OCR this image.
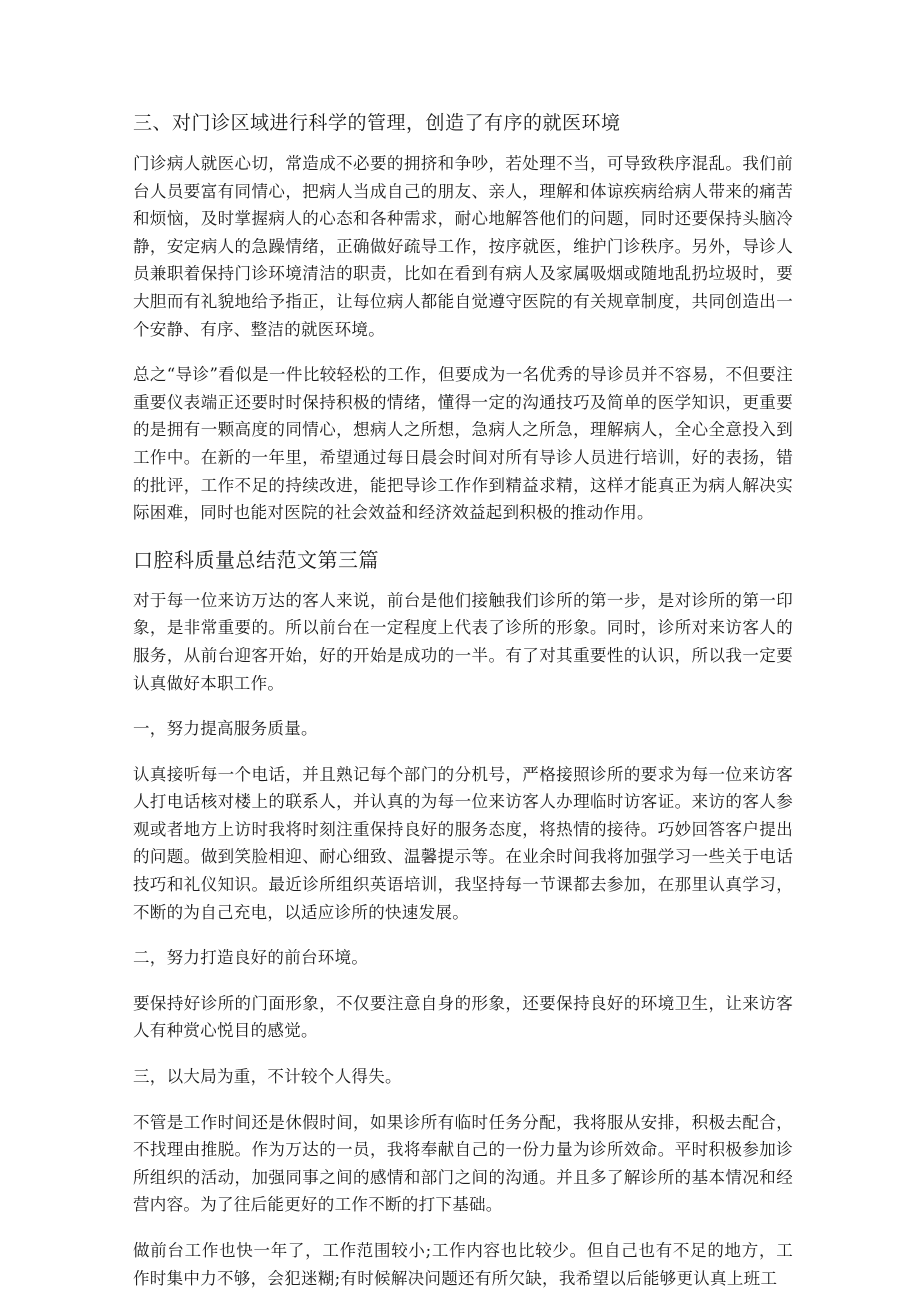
三、对门诊区域进行科学的管理，创造了有序的就医环境

门诊病人就医心切，常造成不必要的拥挤和争吵，若处理不当，可导致秩序混乱。我们前台人员要富有同情心，把病人当成自己的朋友、亲人，理解和体谅疾病给病人带来的痛苦和烦恼，及时掌握病人的心态和各种需求，耐心地解答他们的问题，同时还要保持头脑冷静，安定病人的急躁情绪，正确做好疏导工作，按序就医，维护门诊秩序。另外，导诊人员兼职着保持门诊环境清洁的职责，比如在看到有病人及家属吸烟或随地乱扔垃圾时，要大胆而有礼貌地给予指正，让每位病人都能自觉遵守医院的有关规章制度，共同创造出一个安静、有序、整洁的就医环境。

总之“导诊”看似是一件比较轻松的工作，但要成为一名优秀的导诊员并不容易，不但要注重要仪表端正还要时时保持积极的情绪，懂得一定的沟通技巧及简单的医学知识，更重要的是拥有一颗高度的同情心，想病人之所想，急病人之所急，理解病人，全心全意投入到工作中。在新的一年里，希望通过每日晨会时间对所有导诊人员进行培训，好的表扬，错的批评，工作不足的持续改进，能把导诊工作作到精益求精，这样才能真正为病人解决实际困难，同时也能对医院的社会效益和经济效益起到积极的推动作用。

口腔科质量总结范文第三篇

对于每一位来访万达的客人来说，前台是他们接触我们诊所的第一步，是对诊所的第一印象，是非常重要的。所以前台在一定程度上代表了诊所的形象。同时，诊所对来访客人的服务，从前台迎客开始，好的开始是成功的一半。有了对其重要性的认识，所以我一定要认真做好本职工作。

一，努力提高服务质量。

认真接听每一个电话，并且熟记每个部门的分机号，严格接照诊所的要求为每一位来访客人打电话核对楼上的联系人，并认真的为每一位来访客人办理临时访客证。来访的客人参观或者地方上访时我将时刻注重保持良好的服务态度，将热情的接待。巧妙回答客户提出的问题。做到笑脸相迎、耐心细致、温馨提示等。在业余时间我将加强学习一些关于电话技巧和礼仪知识。最近诊所组织英语培训，我坚持每一节课都去参加，在那里认真学习，不断的为自己充电，以适应诊所的快速发展。

二，努力打造良好的前台环境。

要保持好诊所的门面形象，不仅要注意自身的形象，还要保持良好的环境卫生，让来访客人有种赏心悦目的感觉。

三，以大局为重，不计较个人得失。

不管是工作时间还是休假时间，如果诊所有临时任务分配，我将服从安排，积极去配合，不找理由推脱。作为万达的一员，我将奉献自己的一份力量为诊所效命。平时积极参加诊所组织的活动，加强同事之间的感情和部门之间的沟通。并且多了解诊所的基本情况和经营内容。为了往后能更好的工作不断的打下基础。

做前台工作也快一年了，工作范围较小;工作内容也比较少。但自己也有不足的地方，工作时集中力不够，会犯迷糊;有时候解决问题还有所欠缺，我希望以后能够更认真上班工
